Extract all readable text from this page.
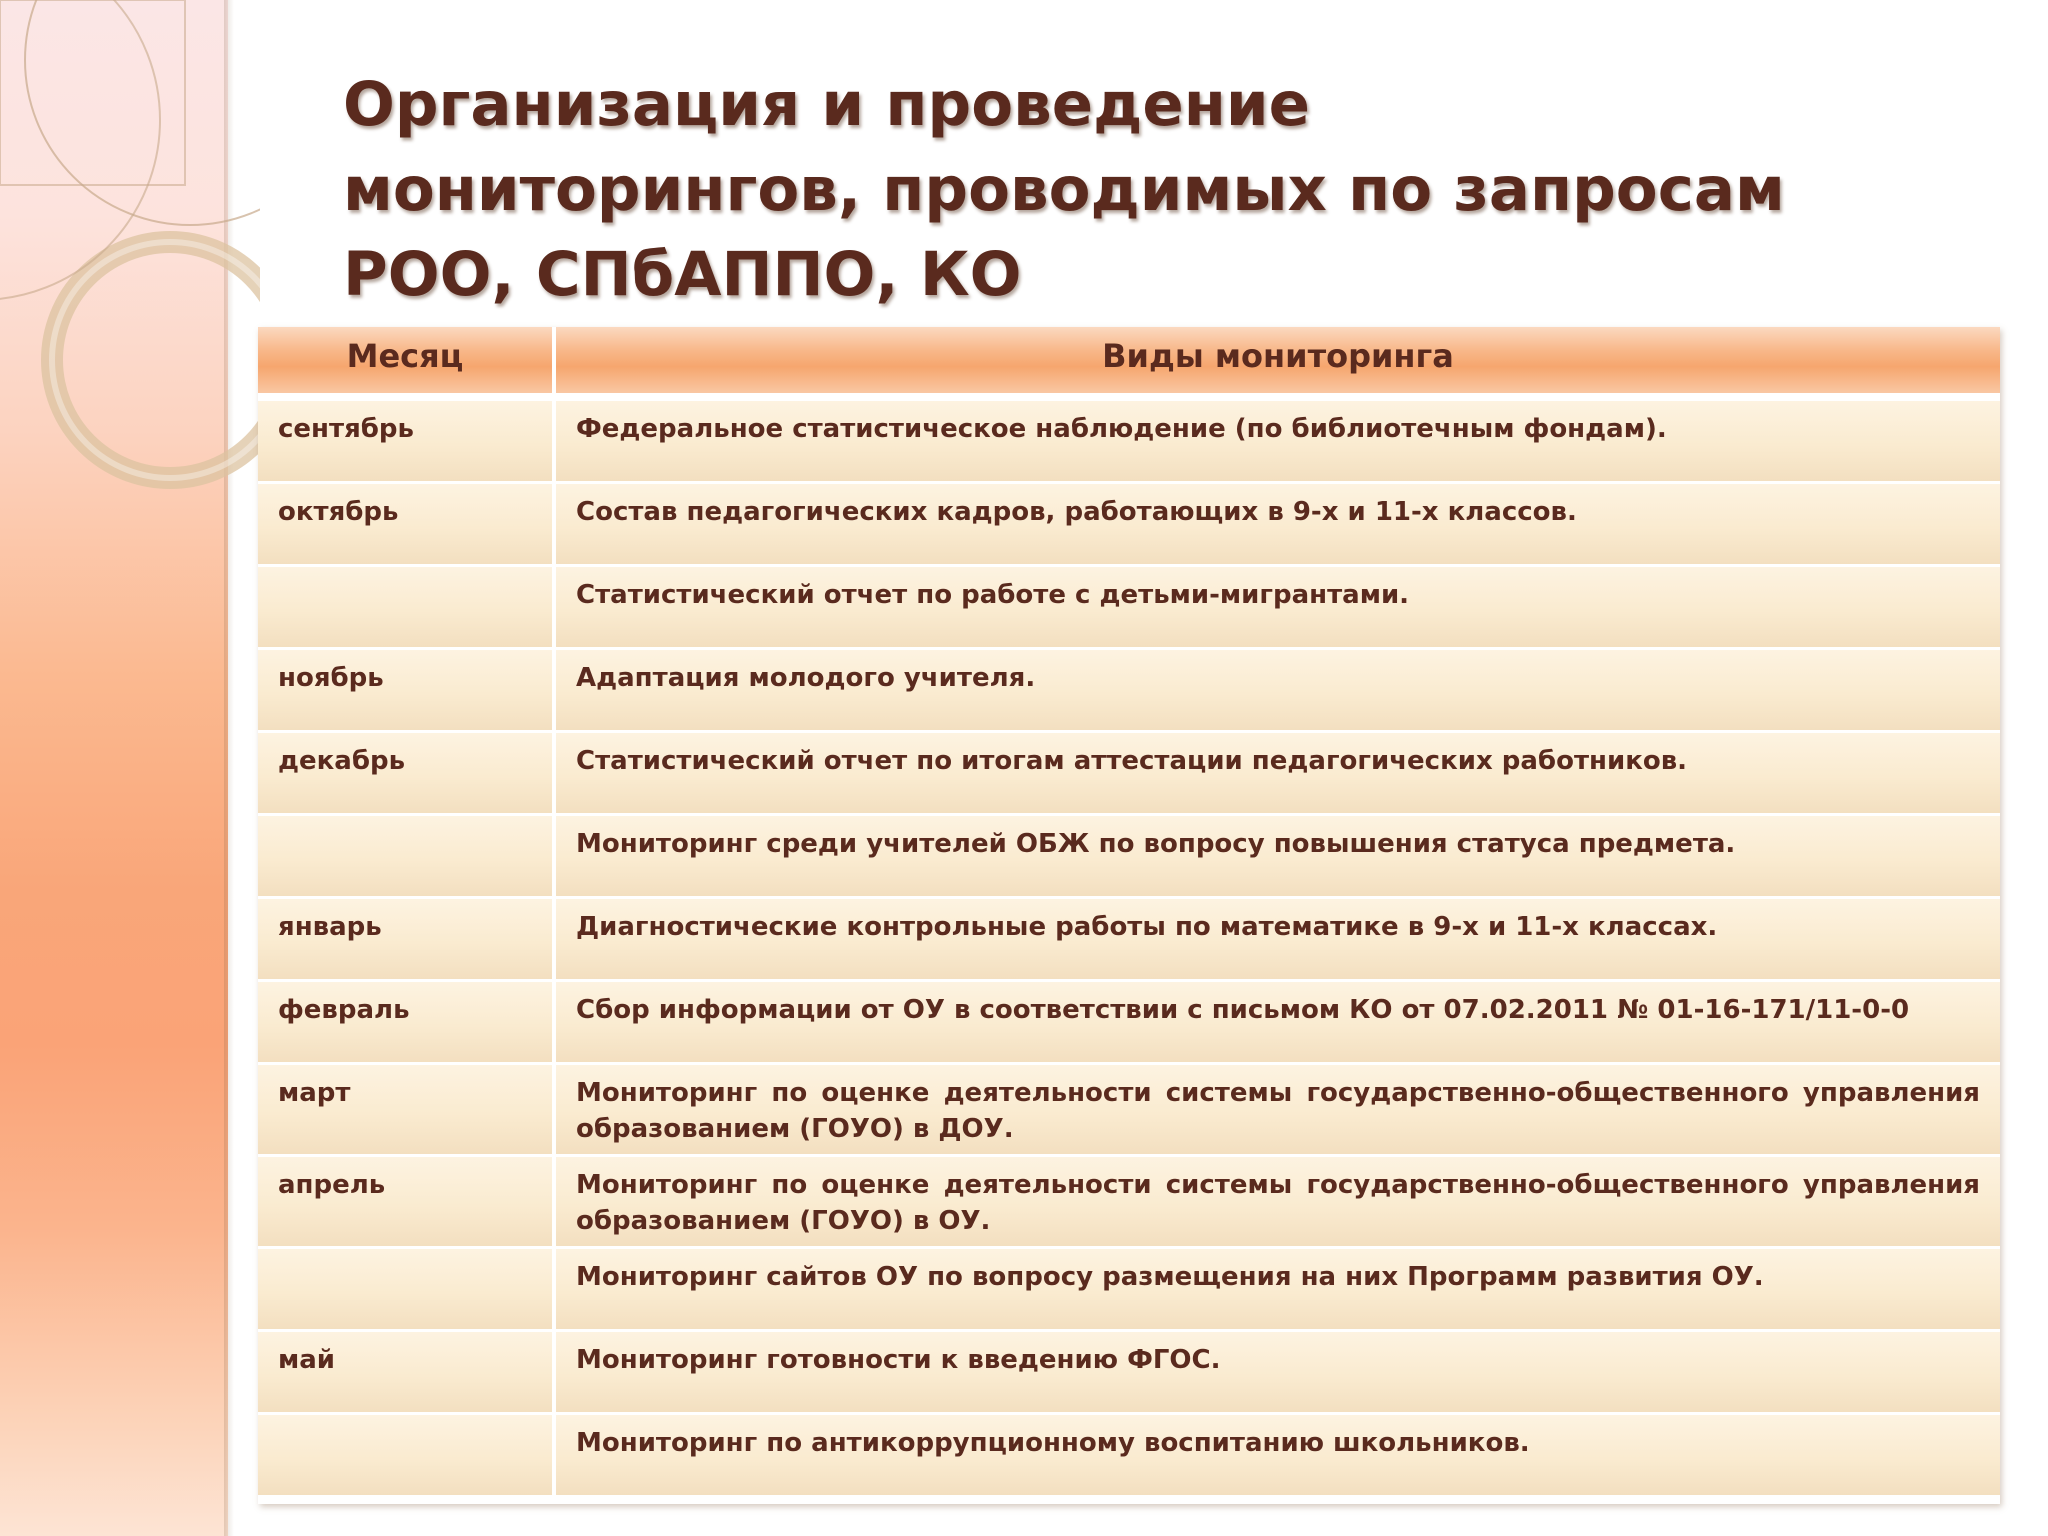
Организация и проведение
мониторингов, проводимых по запросам
РОО, СПбАППО, КО
Месяц	Виды мониторинга
сентябрь	Федеральное статистическое наблюдение (по библиотечным фондам).
октябрь	Состав педагогических кадров, работающих в 9-х и 11-х классов.
	Статистический отчет по работе с детьми-мигрантами.
ноябрь	Адаптация молодого учителя.
декабрь	Статистический отчет по итогам аттестации педагогических работников.
	Мониторинг среди учителей ОБЖ по вопросу повышения статуса предмета.
январь	Диагностические контрольные работы по математике в 9-х и 11-х классах.
февраль	Сбор информации от ОУ в соответствии с письмом КО от 07.02.2011 № 01-16-171/11-0-0
март	Мониторинг по оценке деятельности системы государственно-общественного управления образованием (ГОУО) в ДОУ.
апрель	Мониторинг по оценке деятельности системы государственно-общественного управления образованием (ГОУО) в ОУ.
	Мониторинг сайтов ОУ по вопросу размещения на них Программ развития ОУ.
май	Мониторинг готовности к введению ФГОС.
	Мониторинг по антикоррупционному воспитанию школьников.
